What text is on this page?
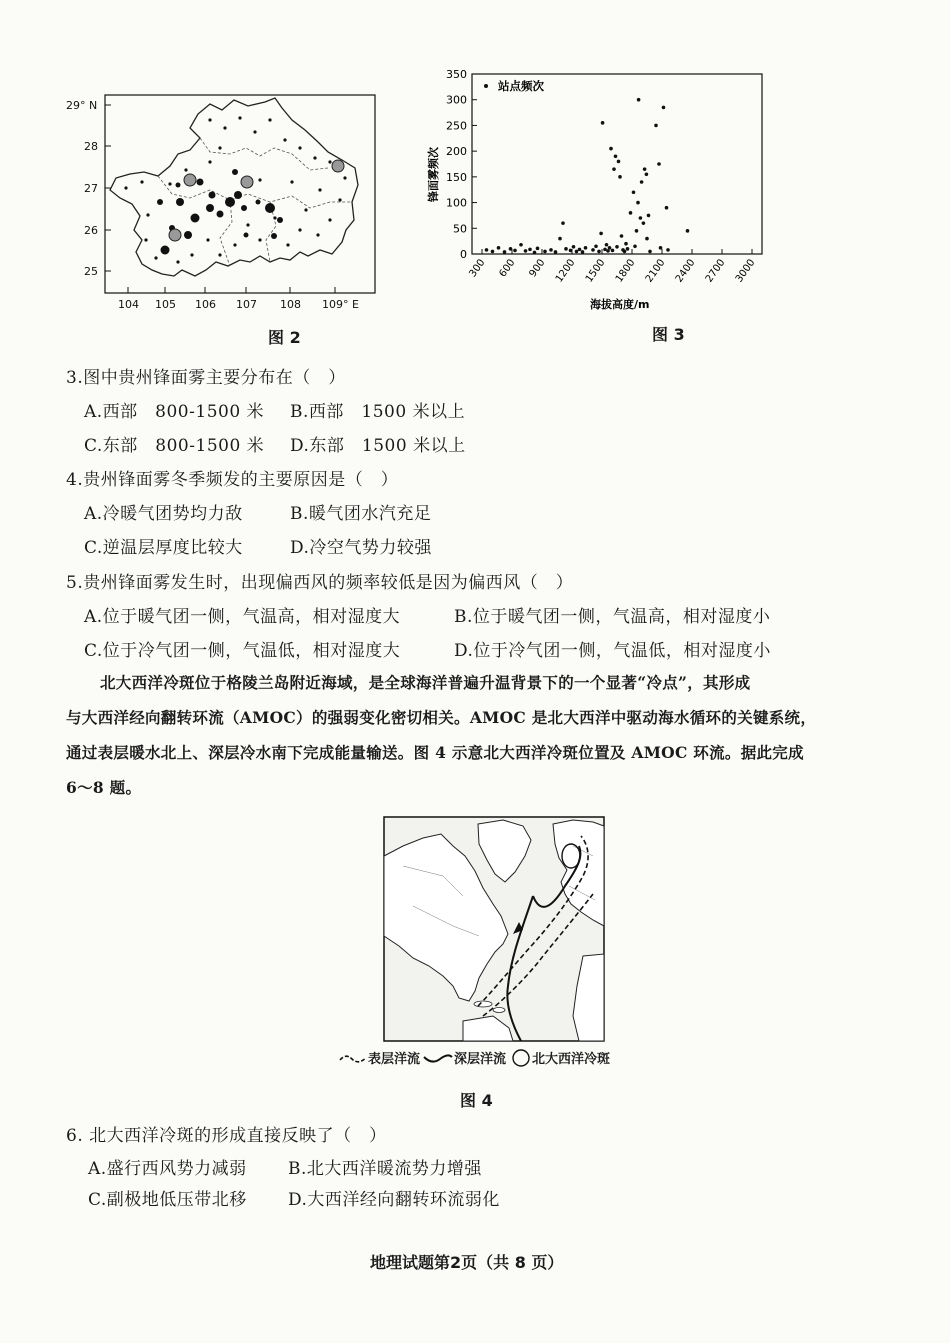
29° N
28
27
26
25
104 105 106 107 108 109° E
图 2
0
50
100
150
200
250
300
350
300 600 900 1200 1500 1800 2100 2400 2700 3000
站点频次
锋面雾频次
海拔高度/m
图 3
3.图中贵州锋面雾主要分布在（　）
A.西部　800-1500 米 B.西部　1500 米以上
C.东部　800-1500 米 D.东部　1500 米以上
4.贵州锋面雾冬季频发的主要原因是（　）
A.冷暖气团势均力敌	B.暖气团水汽充足
C.逆温层厚度比较大	D.冷空气势力较强
5.贵州锋面雾发生时，出现偏西风的频率较低是因为偏西风（　）
A.位于暖气团一侧，气温高，相对湿度大	B.位于暖气团一侧，气温高，相对湿度小
C.位于冷气团一侧，气温低，相对湿度大	D.位于冷气团一侧，气温低，相对湿度小
北大西洋冷斑位于格陵兰岛附近海域，是全球海洋普遍升温背景下的一个显著“冷点”，其形成
与大西洋经向翻转环流（AMOC）的强弱变化密切相关。AMOC 是北大西洋中驱动海水循环的关键系统，
通过表层暖水北上、深层冷水南下完成能量输送。图 4 示意北大西洋冷斑位置及 AMOC 环流。据此完成
6～8 题。
表层洋流	深层洋流 北大西洋冷斑
图 4
6. 北大西洋冷斑的形成直接反映了（　）
A.盛行西风势力减弱 B.北大西洋暖流势力增强
C.副极地低压带北移 D.大西洋经向翻转环流弱化
地理试题第2页（共 8 页）
